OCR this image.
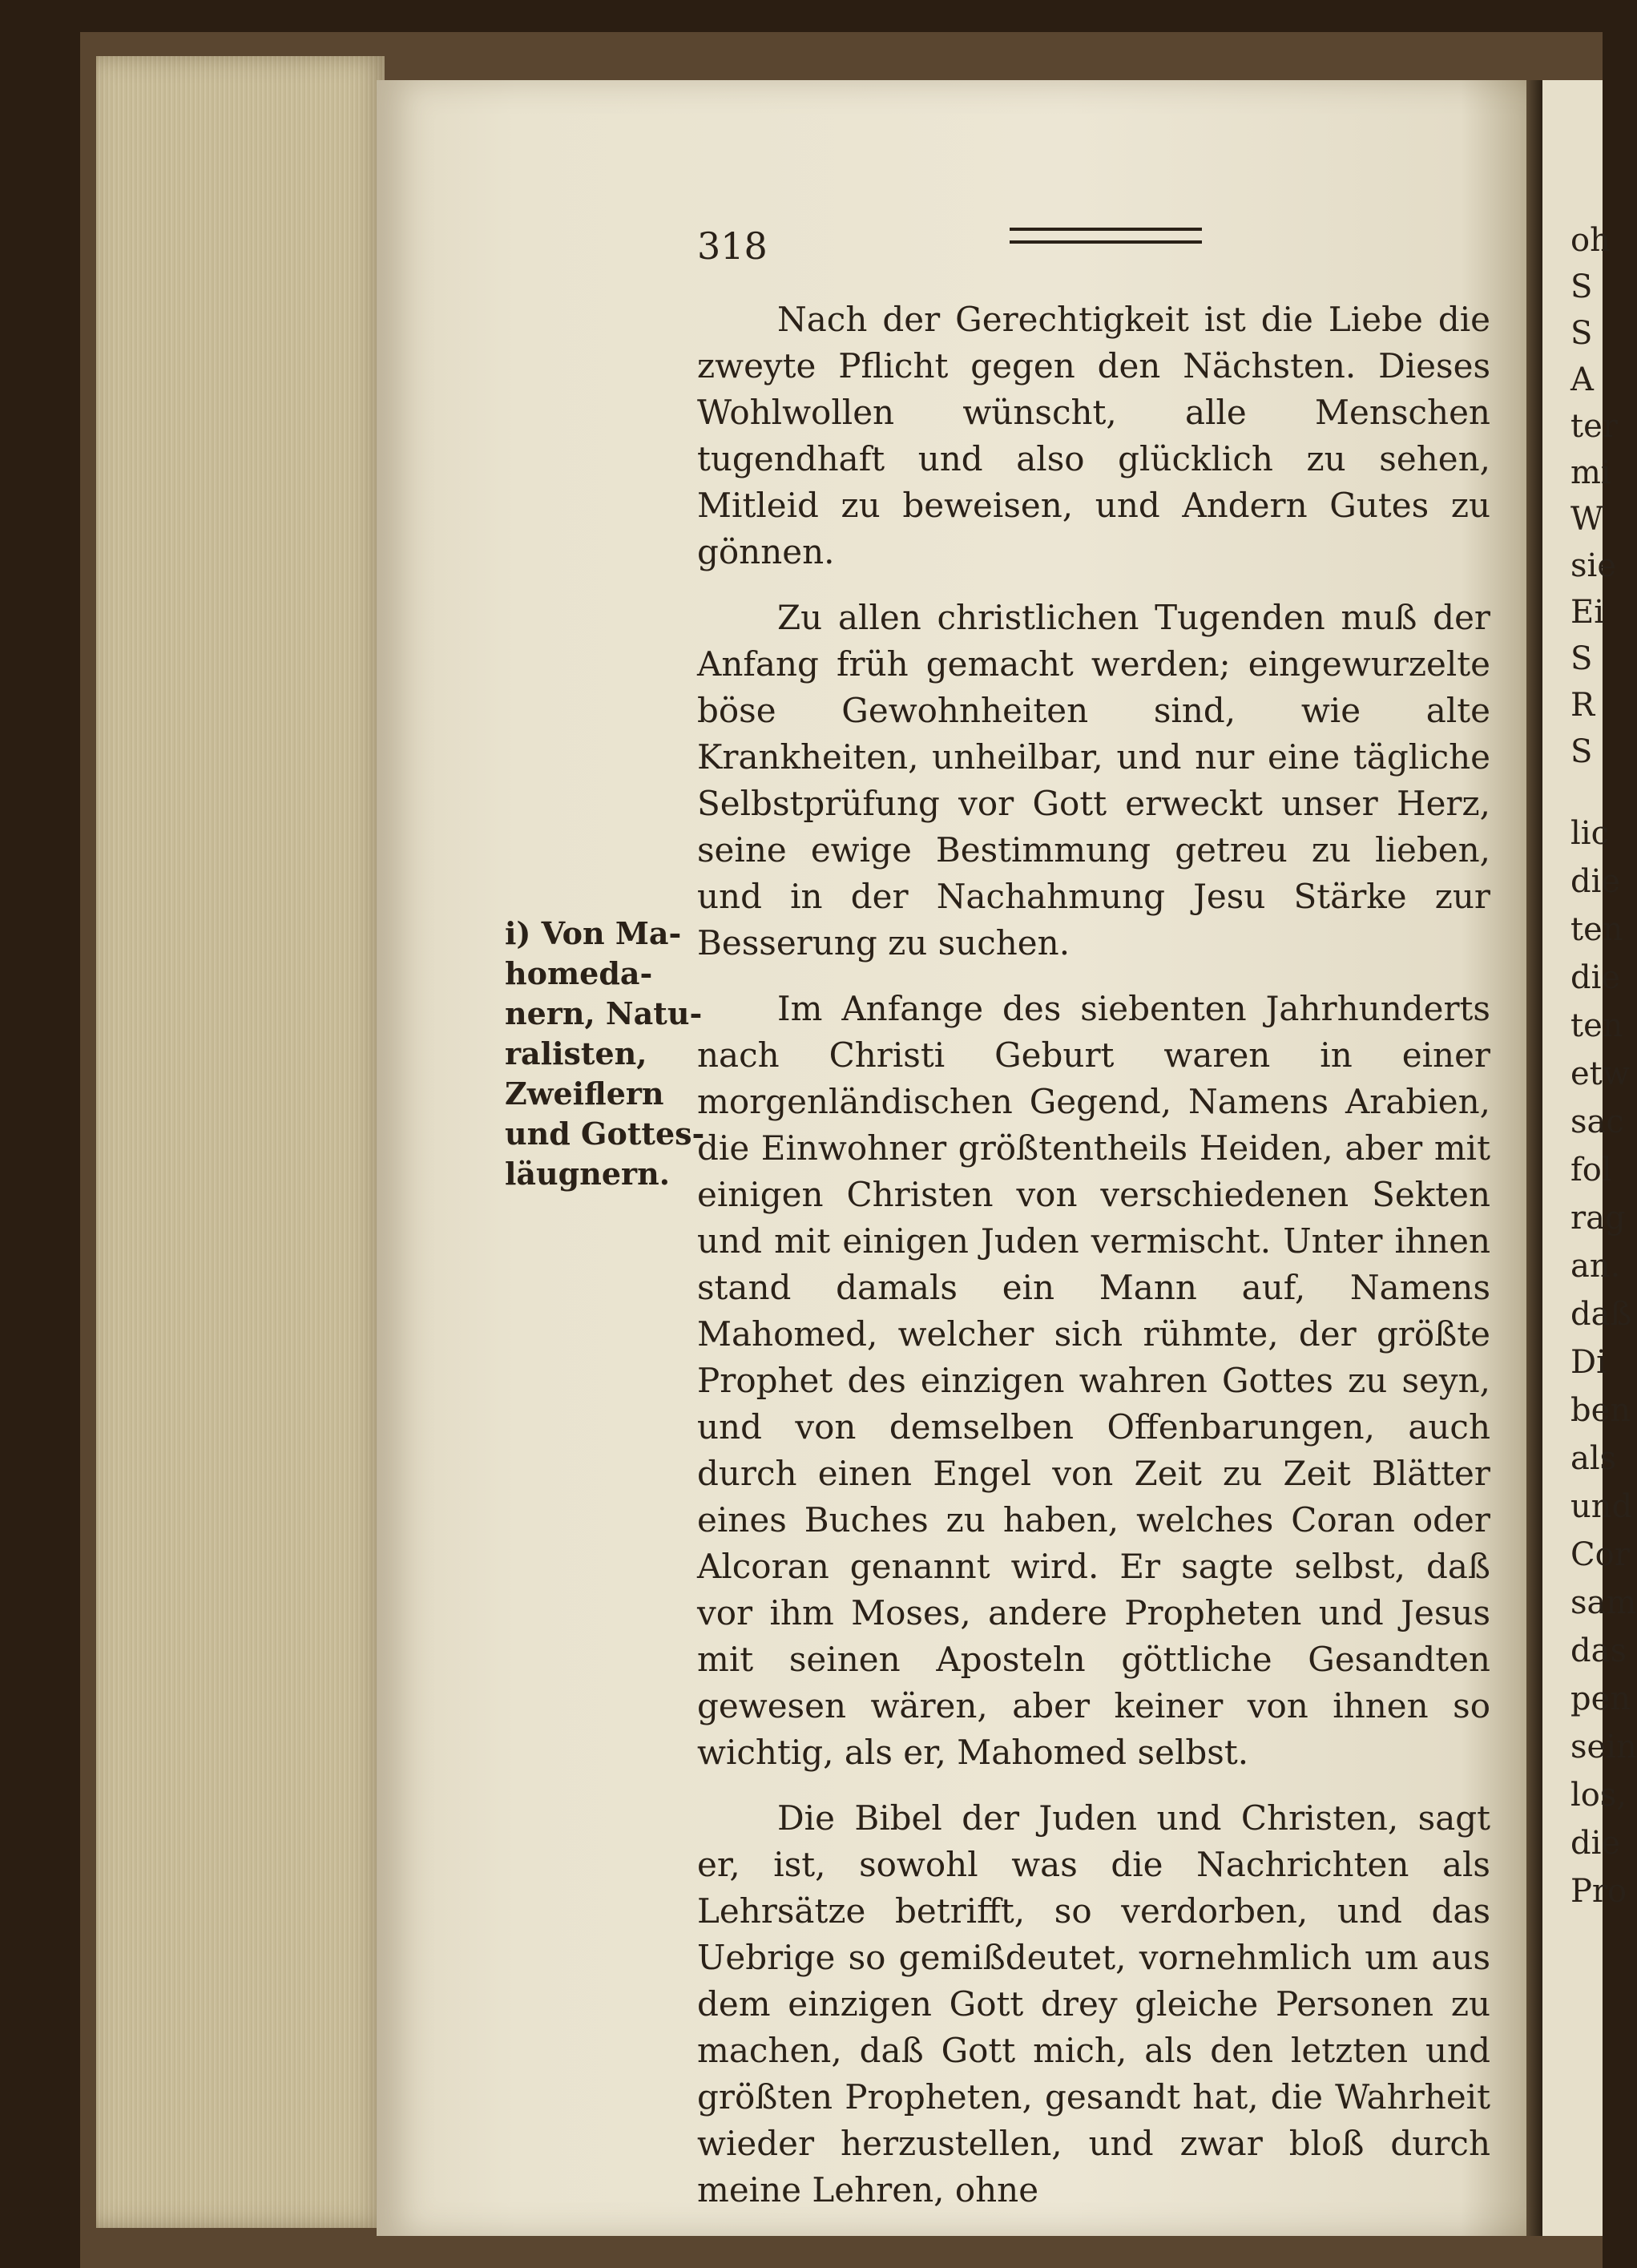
318
i) Von Ma-
homeda-
nern, Natu-
ralisten,
Zweiflern
und Gottes-
läugnern.

Nach der Gerechtigkeit ist die Liebe die zweyte Pflicht gegen den Nächsten. Dieses Wohlwollen wünscht, alle Menschen tugendhaft und also glücklich zu sehen, Mitleid zu beweisen, und Andern Gutes zu gönnen.

Zu allen christlichen Tugenden muß der Anfang früh gemacht werden; eingewurzelte böse Gewohnheiten sind, wie alte Krankheiten, unheilbar, und nur eine tägliche Selbstprüfung vor Gott erweckt unser Herz, seine ewige Bestimmung getreu zu lieben, und in der Nachahmung Jesu Stärke zur Besserung zu suchen.

Im Anfange des siebenten Jahrhunderts nach Christi Geburt waren in einer morgenländischen Gegend, Namens Arabien, die Einwohner größtentheils Heiden, aber mit einigen Christen von verschiedenen Sekten und mit einigen Juden vermischt. Unter ihnen stand damals ein Mann auf, Namens Mahomed, welcher sich rühmte, der größte Prophet des einzigen wahren Gottes zu seyn, und von demselben Offenbarungen, auch durch einen Engel von Zeit zu Zeit Blätter eines Buches zu haben, welches Coran oder Alcoran genannt wird. Er sagte selbst, daß vor ihm Moses, andere Propheten und Jesus mit seinen Aposteln göttliche Gesandten gewesen wären, aber keiner von ihnen so wichtig, als er, Mahomed selbst.

Die Bibel der Juden und Christen, sagt er, ist, sowohl was die Nachrichten als Lehrsätze betrifft, so verdorben, und das Uebrige so gemißdeutet, vornehmlich um aus dem einzigen Gott drey gleiche Personen zu machen, daß Gott mich, als den letzten und größten Propheten, gesandt hat, die Wahrheit wieder herzustellen, und zwar bloß durch meine Lehren, ohne

oh
S
S
A
ter
mi
W
sie
Ei
S
R
S
lic
die
ten
die
ten
etw
sac
fol
rag
an.
daß
Di
ben
als
und
Cor
sam
das
pen
sein
los,
die
Pro
